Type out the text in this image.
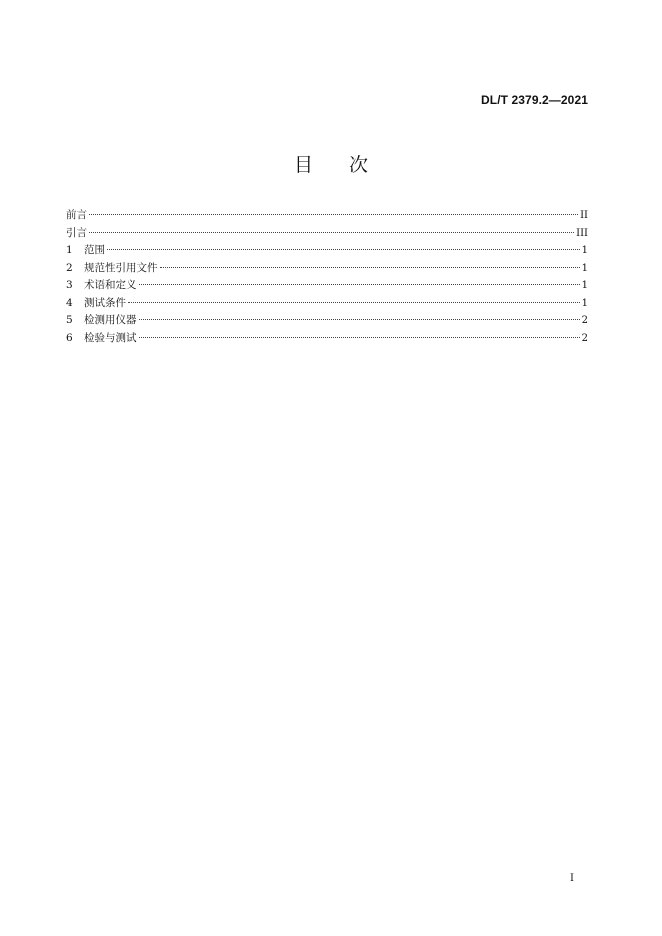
DL/T 2379.2—2021
目 次
前言	II
引言	III
1	范围	1
2	规范性引用文件	1
3	术语和定义	1
4	测试条件	1
5	检测用仪器	2
6	检验与测试	2
I
